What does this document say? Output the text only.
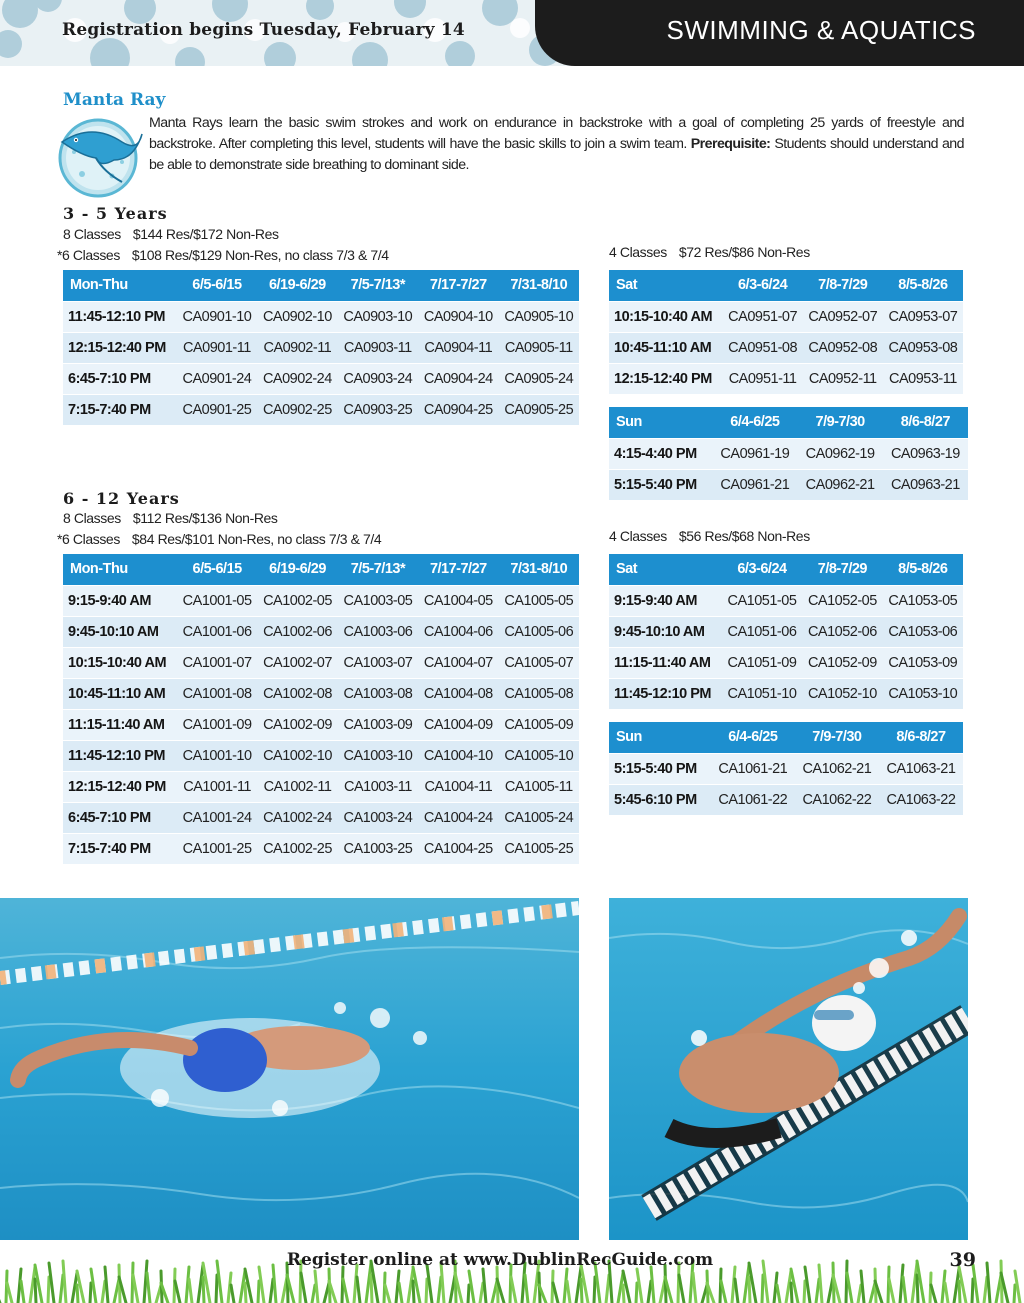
Registration begins Tuesday, February 14	SWIMMING & AQUATICS
Manta Ray
Manta Rays learn the basic swim strokes and work on endurance in backstroke with a goal of completing 25 yards of freestyle and backstroke. After completing this level, students will have the basic skills to join a swim team. Prerequisite: Students should understand and be able to demonstrate side breathing to dominant side.
3 - 5 Years
8 Classes $144 Res/$172 Non-Res
*6 Classes $108 Res/$129 Non-Res, no class 7/3 & 7/4	4 Classes $72 Res/$86 Non-Res
Mon-Thu	6/5-6/15	6/19-6/29	7/5-7/13*	7/17-7/27	7/31-8/10
11:45-12:10 PM	CA0901-10	CA0902-10	CA0903-10	CA0904-10	CA0905-10
12:15-12:40 PM	CA0901-11	CA0902-11	CA0903-11	CA0904-11	CA0905-11
6:45-7:10 PM	CA0901-24	CA0902-24	CA0903-24	CA0904-24	CA0905-24
7:15-7:40 PM	CA0901-25	CA0902-25	CA0903-25	CA0904-25	CA0905-25
Sat	6/3-6/24	7/8-7/29	8/5-8/26
10:15-10:40 AM	CA0951-07	CA0952-07	CA0953-07
10:45-11:10 AM	CA0951-08	CA0952-08	CA0953-08
12:15-12:40 PM	CA0951-11	CA0952-11	CA0953-11
Sun	6/4-6/25	7/9-7/30	8/6-8/27
4:15-4:40 PM	CA0961-19	CA0962-19	CA0963-19
5:15-5:40 PM	CA0961-21	CA0962-21	CA0963-21
6 - 12 Years
8 Classes $112 Res/$136 Non-Res
*6 Classes $84 Res/$101 Non-Res, no class 7/3 & 7/4	4 Classes $56 Res/$68 Non-Res
Mon-Thu	6/5-6/15	6/19-6/29	7/5-7/13*	7/17-7/27	7/31-8/10
9:15-9:40 AM	CA1001-05	CA1002-05	CA1003-05	CA1004-05	CA1005-05
9:45-10:10 AM	CA1001-06	CA1002-06	CA1003-06	CA1004-06	CA1005-06
10:15-10:40 AM	CA1001-07	CA1002-07	CA1003-07	CA1004-07	CA1005-07
10:45-11:10 AM	CA1001-08	CA1002-08	CA1003-08	CA1004-08	CA1005-08
11:15-11:40 AM	CA1001-09	CA1002-09	CA1003-09	CA1004-09	CA1005-09
11:45-12:10 PM	CA1001-10	CA1002-10	CA1003-10	CA1004-10	CA1005-10
12:15-12:40 PM	CA1001-11	CA1002-11	CA1003-11	CA1004-11	CA1005-11
6:45-7:10 PM	CA1001-24	CA1002-24	CA1003-24	CA1004-24	CA1005-24
7:15-7:40 PM	CA1001-25	CA1002-25	CA1003-25	CA1004-25	CA1005-25
Sat	6/3-6/24	7/8-7/29	8/5-8/26
9:15-9:40 AM	CA1051-05	CA1052-05	CA1053-05
9:45-10:10 AM	CA1051-06	CA1052-06	CA1053-06
11:15-11:40 AM	CA1051-09	CA1052-09	CA1053-09
11:45-12:10 PM	CA1051-10	CA1052-10	CA1053-10
Sun	6/4-6/25	7/9-7/30	8/6-8/27
5:15-5:40 PM	CA1061-21	CA1062-21	CA1063-21
5:45-6:10 PM	CA1061-22	CA1062-22	CA1063-22
Register online at www.DublinRecGuide.com	39
